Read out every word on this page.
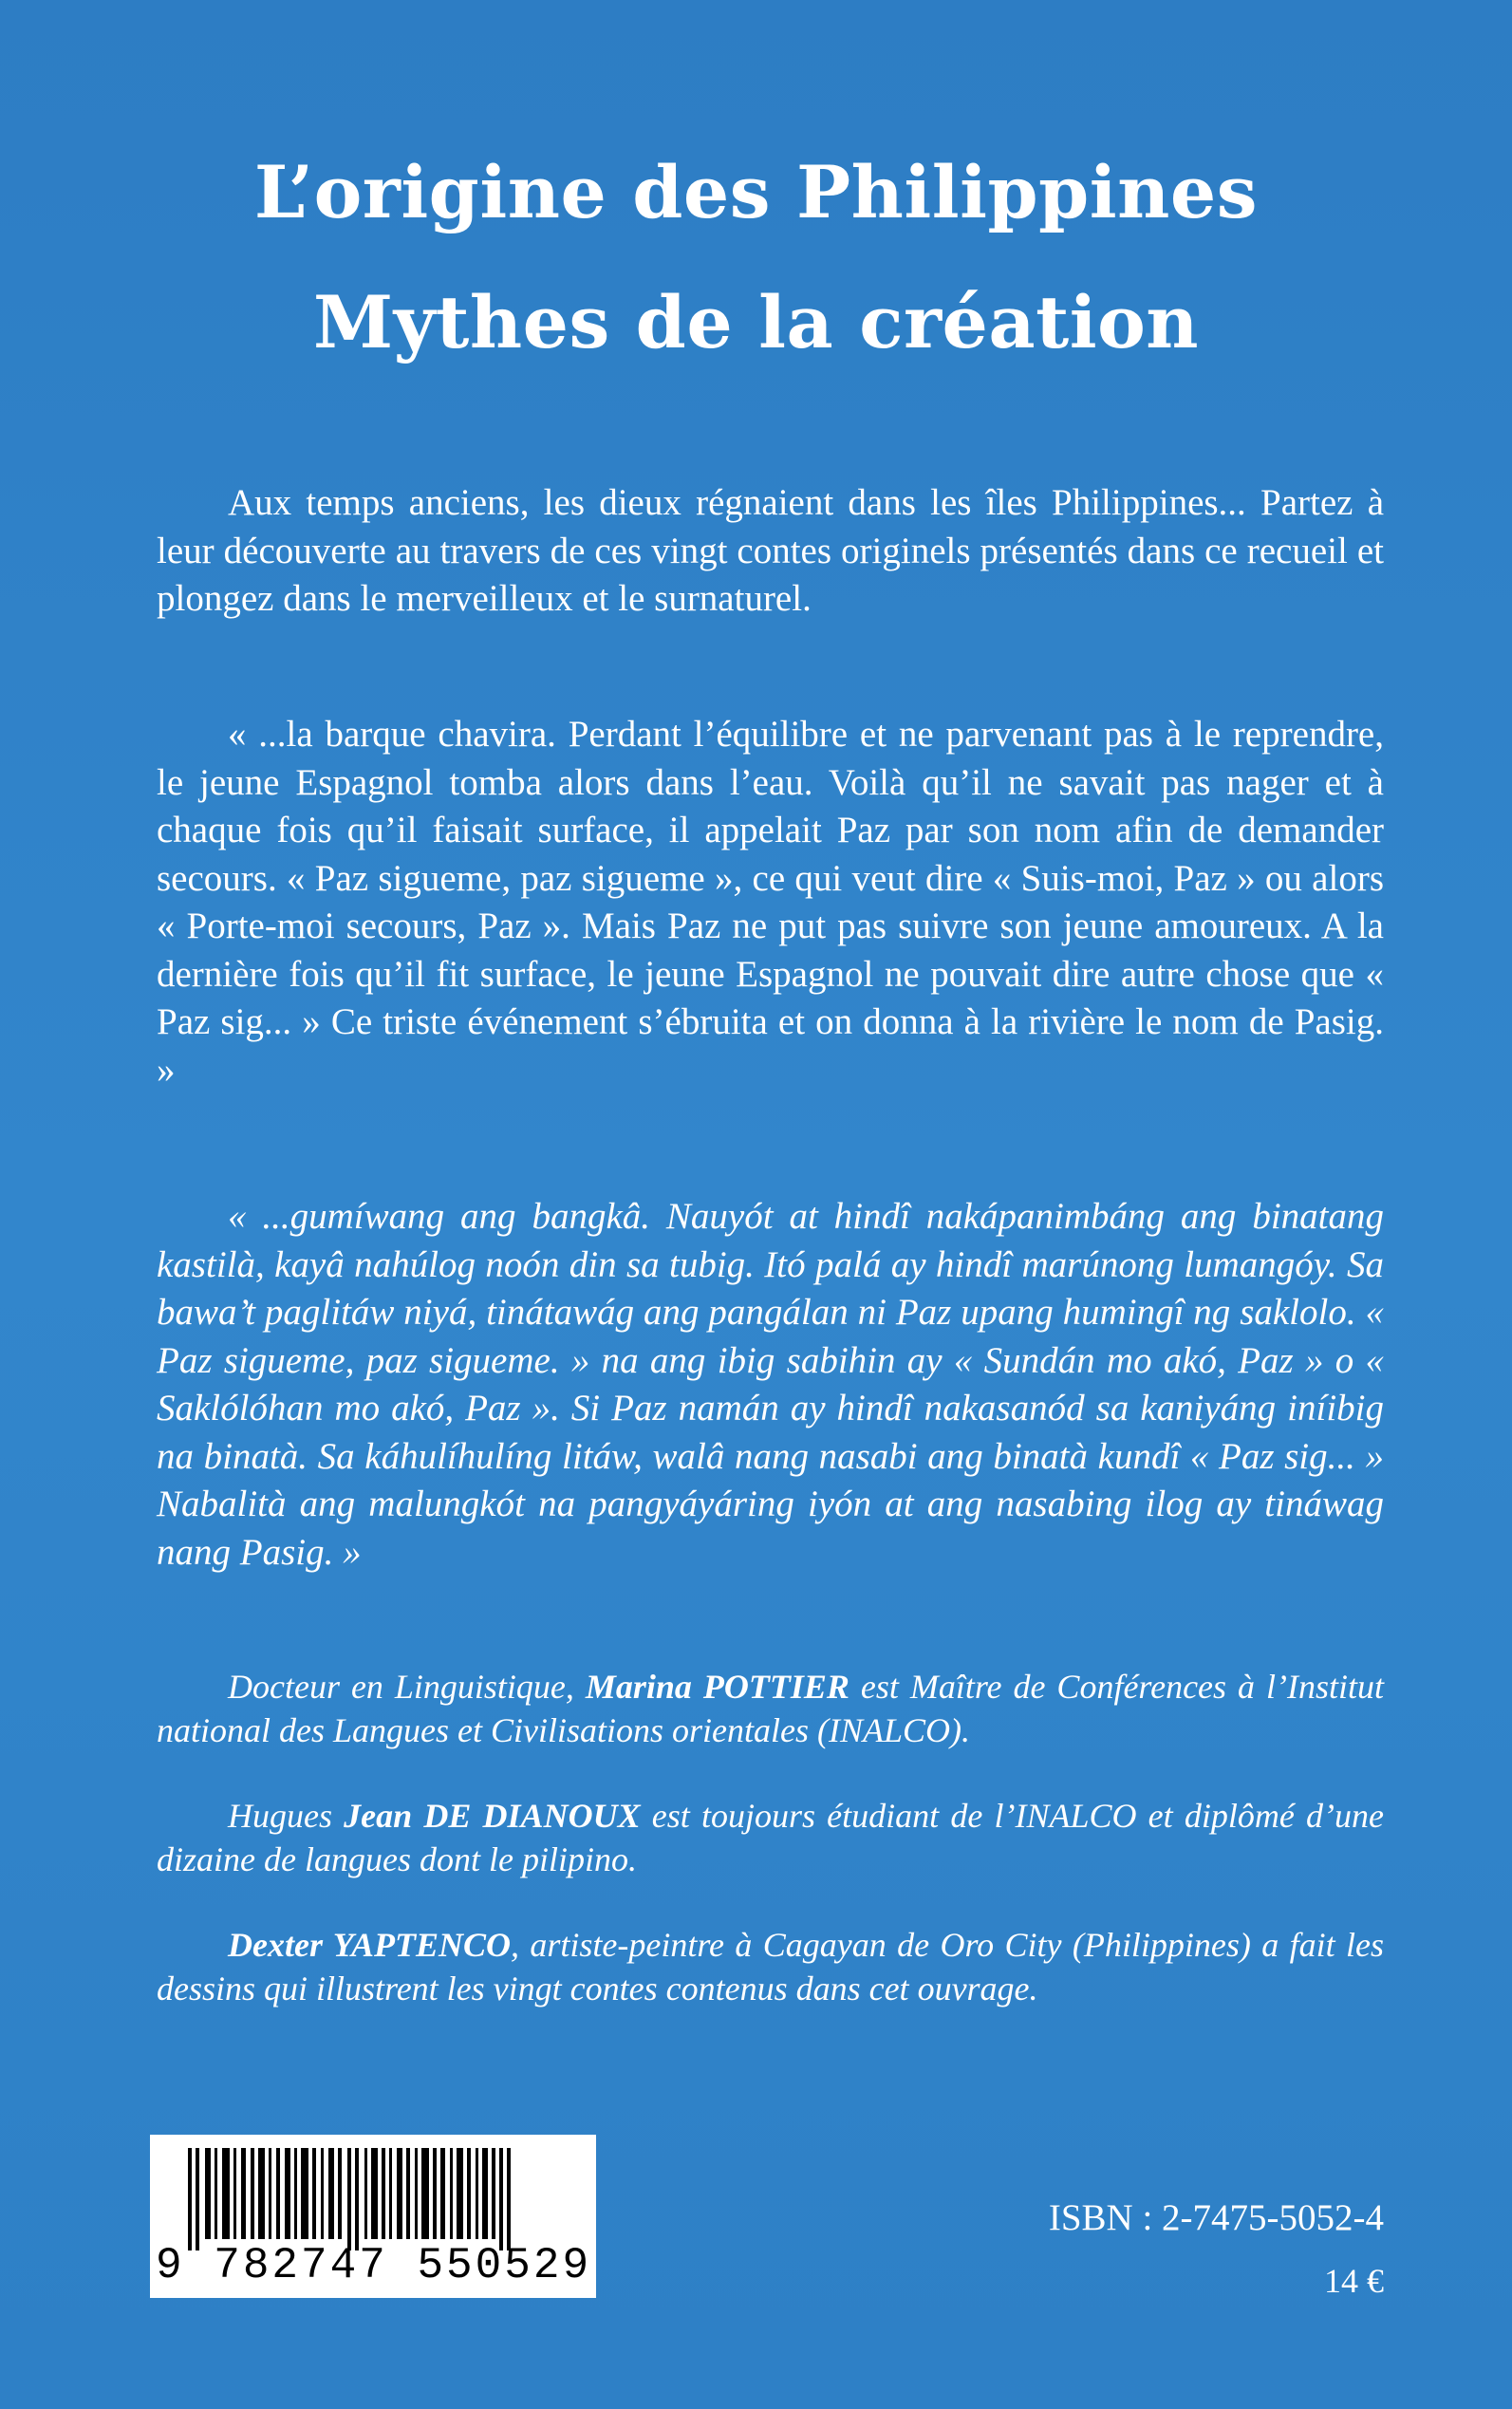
L’origine des Philippines
Mythes de la création

Aux temps anciens, les dieux régnaient dans les îles Philippines... Partez à leur découverte au travers de ces vingt contes originels présentés dans ce recueil et plongez dans le merveilleux et le surnaturel.

« ...la barque chavira. Perdant l’équilibre et ne parvenant pas à le reprendre, le jeune Espagnol tomba alors dans l’eau. Voilà qu’il ne savait pas nager et à chaque fois qu’il faisait surface, il appelait Paz par son nom afin de demander secours. « Paz sigueme, paz sigueme », ce qui veut dire « Suis-moi, Paz » ou alors « Porte-moi secours, Paz ». Mais Paz ne put pas suivre son jeune amoureux. A la dernière fois qu’il fit surface, le jeune Espagnol ne pouvait dire autre chose que « Paz sig... » Ce triste événement s’ébruita et on donna à la rivière le nom de Pasig. »

« ...gumíwang ang bangkâ. Nauyót at hindî nakápanimbáng ang binatang kastilà, kayâ nahúlog noón din sa tubig. Itó palá ay hindî marúnong lumangóy. Sa bawa’t paglitáw niyá, tinátawág ang pangálan ni Paz upang humingî ng saklolo. « Paz sigueme, paz sigueme. » na ang ibig sabihin ay « Sundán mo akó, Paz » o « Saklólóhan mo akó, Paz ». Si Paz namán ay hindî nakasanód sa kaniyáng iníibig na binatà. Sa káhulíhulíng litáw, walâ nang nasabi ang binatà kundî « Paz sig... » Nabalità ang malungkót na pangyáyáring iyón at ang nasabing ilog ay tináwag nang Pasig. »

Docteur en Linguistique, Marina POTTIER est Maître de Conférences à l’Institut national des Langues et Civilisations orientales (INALCO).

Hugues Jean DE DIANOUX est toujours étudiant de l’INALCO et diplômé d’une dizaine de langues dont le pilipino.

Dexter YAPTENCO, artiste-peintre à Cagayan de Oro City (Philippines) a fait les dessins qui illustrent les vingt contes contenus dans cet ouvrage.

9 782747 550529
ISBN : 2-7475-5052-4
14 €
